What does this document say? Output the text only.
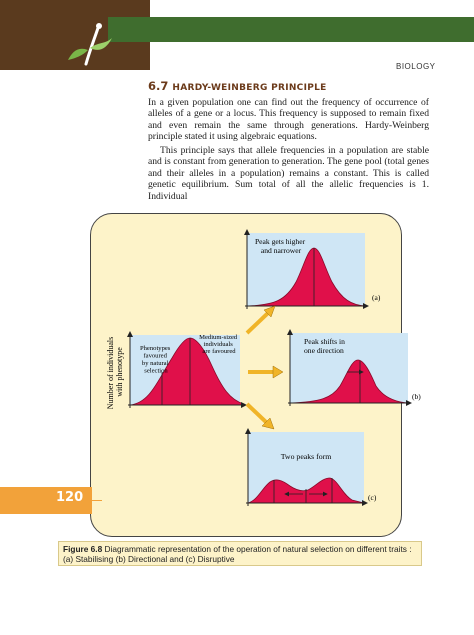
BIOLOGY
6.7 HARDY-WEINBERG PRINCIPLE

In a given population one can find out the frequency of occurrence of alleles of a gene or a locus. This frequency is supposed to remain fixed and even remain the same through generations. Hardy-Weinberg principle stated it using algebraic equations.

This principle says that allele frequencies in a population are stable and is constant from generation to generation. The gene pool (total genes and their alleles in a population) remains a constant. This is called genetic equilibrium. Sum total of all the allelic frequencies is 1. Individual

Phenotypes favoured by natural selection
Medium-sized individuals are favoured
Number of individuals with phenotype
Peak gets higher and narrower
(a)
Peak shifts in one direction
(b)
Two peaks form
(c)
120
Figure 6.8 Diagrammatic representation of the operation of natural selection on different traits : (a) Stabilising (b) Directional and (c) Disruptive
